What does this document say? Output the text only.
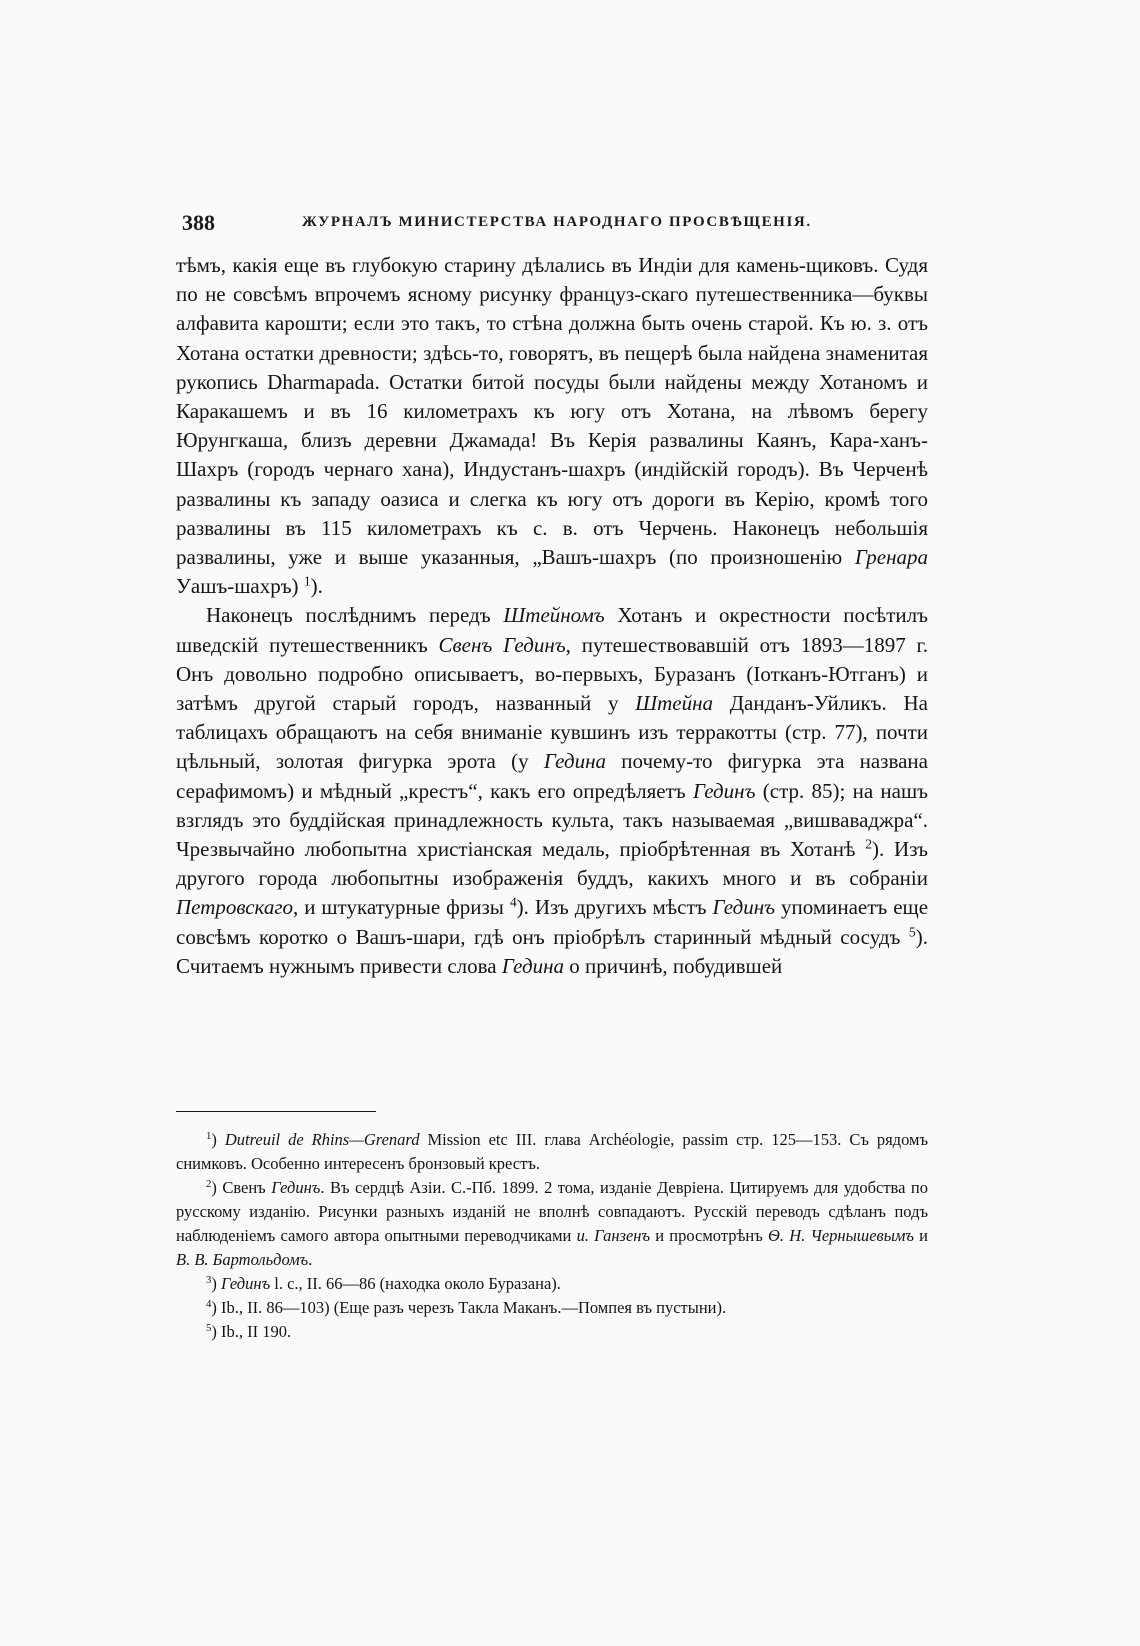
388	ЖУРНАЛЪ МИНИСТЕРСТВА НАРОДНАГО ПРОСВѢЩЕНІЯ.

тѣмъ, какія еще въ глубокую старину дѣлались въ Индіи для камень-щиковъ. Судя по не совсѣмъ впрочемъ ясному рисунку француз-скаго путешественника—буквы алфавита карошти; если это такъ, то стѣна должна быть очень старой. Къ ю. з. отъ Хотана остатки древности; здѣсь-то, говорятъ, въ пещерѣ была найдена знаменитая рукопись Dharmapada. Остатки битой посуды были найдены между Хотаномъ и Каракашемъ и въ 16 километрахъ къ югу отъ Хотана, на лѣвомъ берегу Юрунгкаша, близъ деревни Джамада! Въ Керія развалины Каянъ, Кара-ханъ-Шахръ (городъ чернаго хана), Индустанъ-шахръ (индійскій городъ). Въ Черченѣ развалины къ западу оазиса и слегка къ югу отъ дороги въ Керію, кромѣ того развалины въ 115 километрахъ къ с. в. отъ Черчень. Наконецъ небольшія развалины, уже и выше указанныя, „Вашъ-шахръ (по произношенію Гренара Уашъ-шахръ) $^1$).

Наконецъ послѣднимъ передъ Штейномъ Хотанъ и окрестности посѣтилъ шведскій путешественникъ Свенъ Гединъ, путешествовавшій отъ 1893—1897 г. Онъ довольно подробно описываетъ, во-первыхъ, Буразанъ (Іотканъ-Ютганъ) и затѣмъ другой старый городъ, названный у Штейна Данданъ-Уйликъ. На таблицахъ обращаютъ на себя вниманіе кувшинъ изъ терракотты (стр. 77), почти цѣльный, золотая фигурка эрота (у Гедина почему-то фигурка эта названа серафимомъ) и мѣдный „крестъ“, какъ его опредѣляетъ Гединъ (стр. 85); на нашъ взглядъ это буддійская принадлежность культа, такъ называемая „вишваваджра“. Чрезвычайно любопытна христіанская медаль, пріобрѣтенная въ Хотанѣ $^2$). Изъ другого города любопытны изображенія буддъ, какихъ много и въ собраніи Петровскаго, и штукатурные фризы $^4$). Изъ другихъ мѣстъ Гединъ упоминаетъ еще совсѣмъ коротко о Вашъ-шари, гдѣ онъ пріобрѣлъ старинный мѣдный сосудъ $^5$). Считаемъ нужнымъ привести слова Гедина о причинѣ, побудившей

$^1$) Dutreuil de Rhins—Grenard Mission etc III. глава Archéologie, passim стр. 125—153. Съ рядомъ снимковъ. Особенно интересенъ бронзовый крестъ.

$^2$) Свенъ Гединъ. Въ сердцѣ Азіи. С.-Пб. 1899. 2 тома, изданіе Девріена. Цитируемъ для удобства по русскому изданію. Рисунки разныхъ изданій не вполнѣ совпадаютъ. Русскій переводъ сдѣланъ подъ наблюденіемъ самого автора опытными переводчиками и. Ганзенъ и просмотрѣнъ Ѳ. Н. Чернышевымъ и В. В. Бартольдомъ.

$^3$) Гединъ l. c., II. 66—86 (находка около Буразана).

$^4$) Ib., II. 86—103) (Еще разъ черезъ Такла Маканъ.—Помпея въ пустыни).

$^5$) Ib., II 190.
